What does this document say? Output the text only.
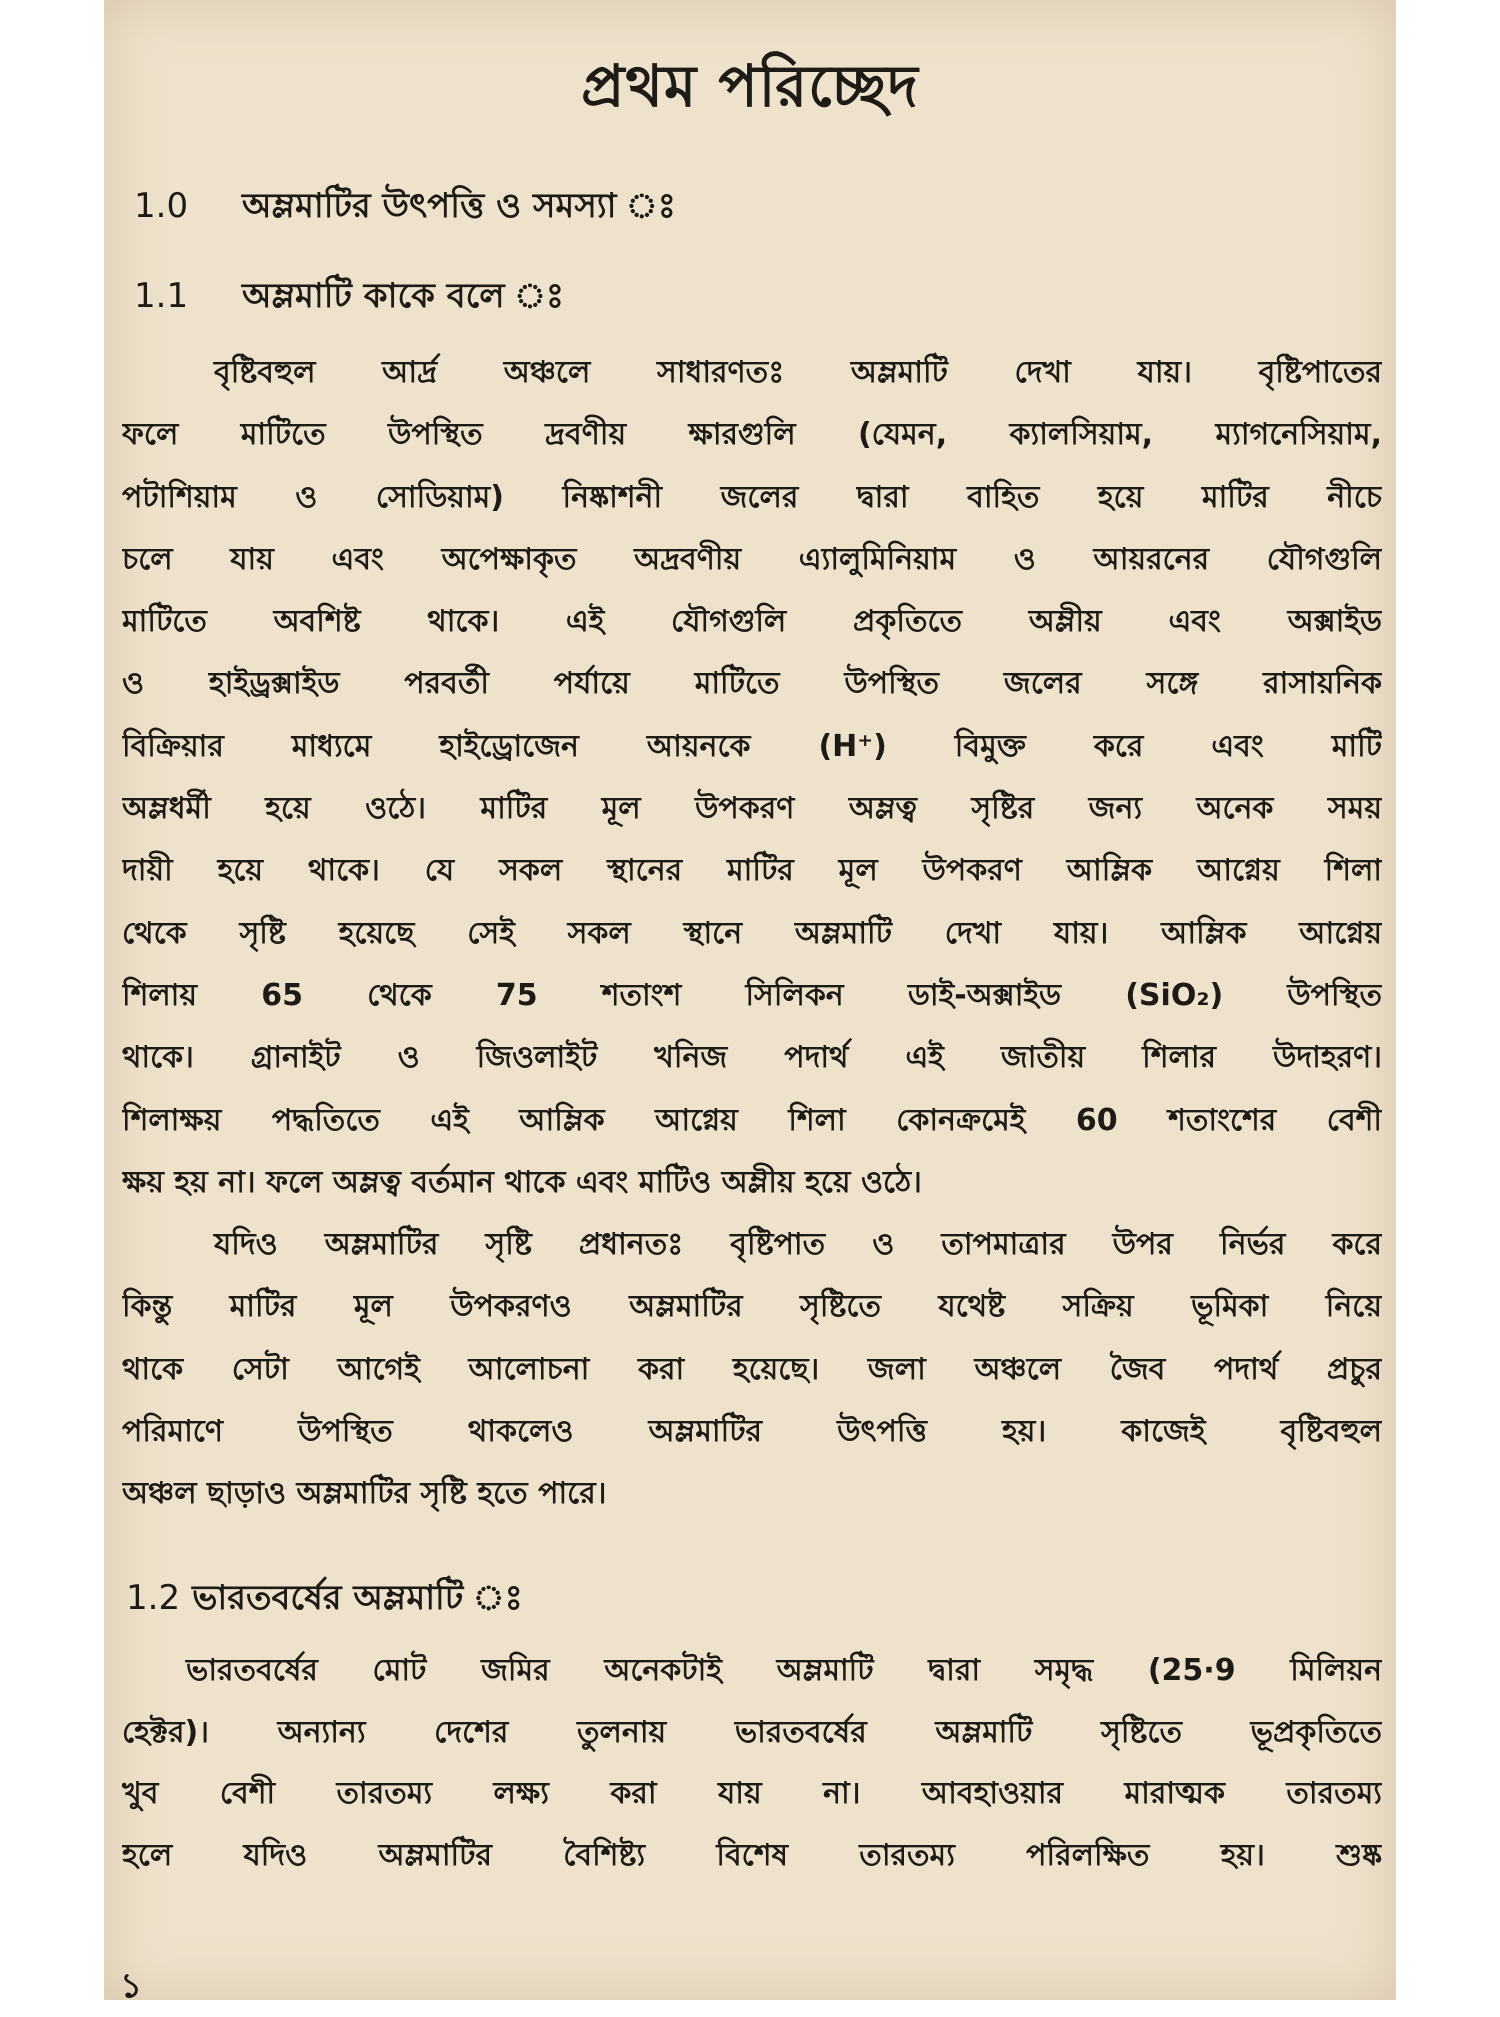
প্রথম পরিচ্ছেদ
1.0 অম্লমাটির উৎপত্তি ও সমস্যা ঃ
1.1 অম্লমাটি কাকে বলে ঃ
বৃষ্টিবহুল আর্দ্র অঞ্চলে সাধারণতঃ অম্লমাটি দেখা যায়। বৃষ্টিপাতের
ফলে মাটিতে উপস্থিত দ্রবণীয় ক্ষারগুলি (যেমন, ক্যালসিয়াম, ম্যাগনেসিয়াম,
পটাশিয়াম ও সোডিয়াম) নিষ্কাশনী জলের দ্বারা বাহিত হয়ে মাটির নীচে
চলে যায় এবং অপেক্ষাকৃত অদ্রবণীয় এ্যালুমিনিয়াম ও আয়রনের যৌগগুলি
মাটিতে অবশিষ্ট থাকে। এই যৌগগুলি প্রকৃতিতে অম্লীয় এবং অক্সাইড
ও হাইড্রক্সাইড পরবর্তী পর্যায়ে মাটিতে উপস্থিত জলের সঙ্গে রাসায়নিক
বিক্রিয়ার মাধ্যমে হাইড্রোজেন আয়নকে (H⁺) বিমুক্ত করে এবং মাটি
অম্লধর্মী হয়ে ওঠে। মাটির মূল উপকরণ অম্লত্ব সৃষ্টির জন্য অনেক সময়
দায়ী হয়ে থাকে। যে সকল স্থানের মাটির মূল উপকরণ আম্লিক আগ্নেয় শিলা
থেকে সৃষ্টি হয়েছে সেই সকল স্থানে অম্লমাটি দেখা যায়। আম্লিক আগ্নেয়
শিলায় 65 থেকে 75 শতাংশ সিলিকন ডাই-অক্সাইড (SiO₂) উপস্থিত
থাকে। গ্রানাইট ও জিওলাইট খনিজ পদার্থ এই জাতীয় শিলার উদাহরণ।
শিলাক্ষয় পদ্ধতিতে এই আম্লিক আগ্নেয় শিলা কোনক্রমেই 60 শতাংশের বেশী
ক্ষয় হয় না। ফলে অম্লত্ব বর্তমান থাকে এবং মাটিও অম্লীয় হয়ে ওঠে।
যদিও অম্লমাটির সৃষ্টি প্রধানতঃ বৃষ্টিপাত ও তাপমাত্রার উপর নির্ভর করে
কিন্তু মাটির মূল উপকরণও অম্লমাটির সৃষ্টিতে যথেষ্ট সক্রিয় ভূমিকা নিয়ে
থাকে সেটা আগেই আলোচনা করা হয়েছে। জলা অঞ্চলে জৈব পদার্থ প্রচুর
পরিমাণে উপস্থিত থাকলেও অম্লমাটির উৎপত্তি হয়। কাজেই বৃষ্টিবহুল
অঞ্চল ছাড়াও অম্লমাটির সৃষ্টি হতে পারে।
1.2 ভারতবর্ষের অম্লমাটি ঃ
ভারতবর্ষের মোট জমির অনেকটাই অম্লমাটি দ্বারা সমৃদ্ধ (25·9 মিলিয়ন
হেক্টর)। অন্যান্য দেশের তুলনায় ভারতবর্ষের অম্লমাটি সৃষ্টিতে ভূপ্রকৃতিতে
খুব বেশী তারতম্য লক্ষ্য করা যায় না। আবহাওয়ার মারাত্মক তারতম্য
হলে যদিও অম্লমাটির বৈশিষ্ট্য বিশেষ তারতম্য পরিলক্ষিত হয়। শুষ্ক
১
